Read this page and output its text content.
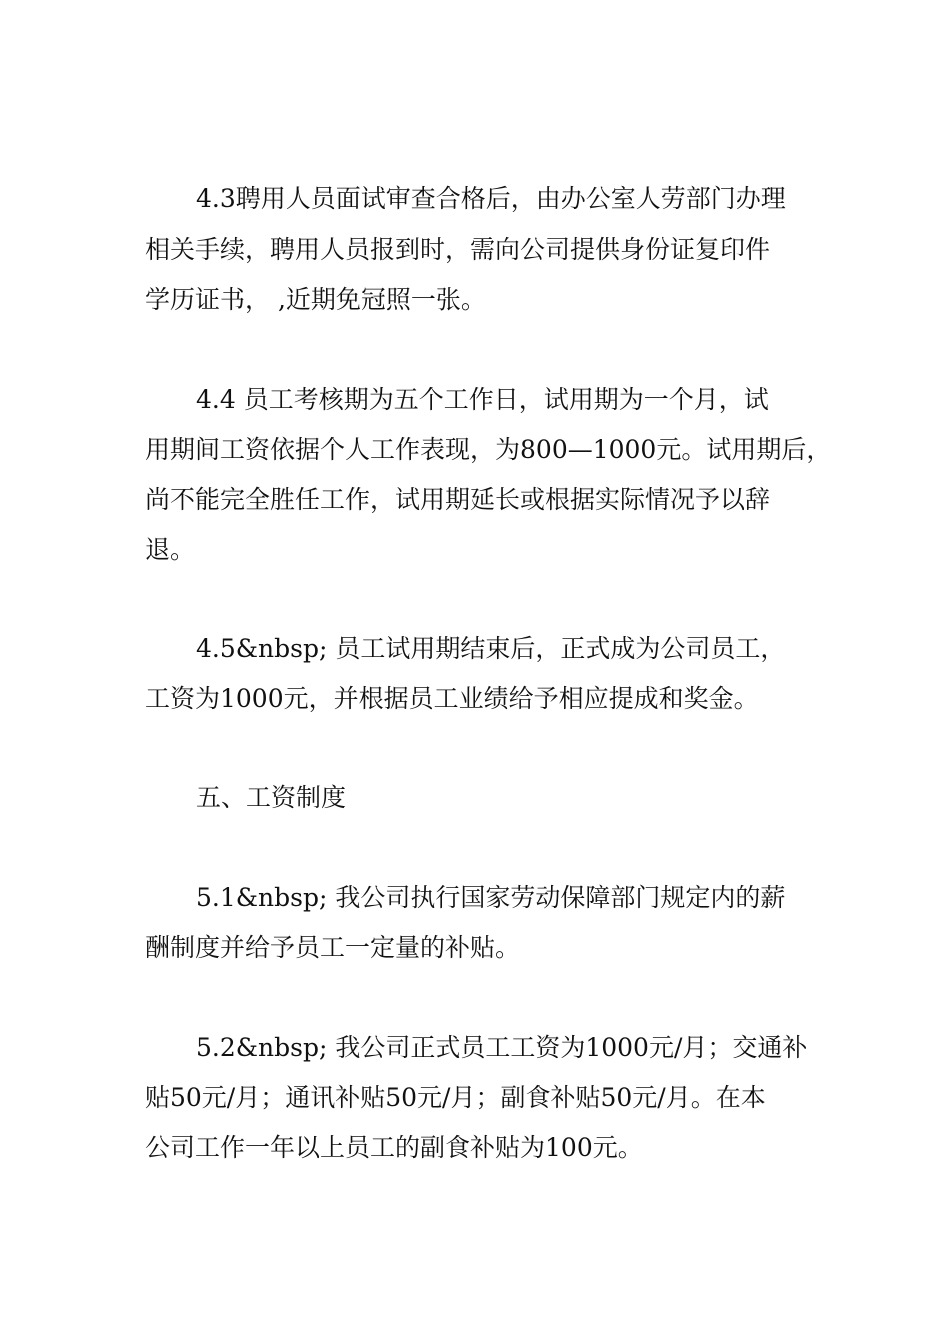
4.3聘用人员面试审查合格后，由办公室人劳部门办理

相关手续，聘用人员报到时，需向公司提供身份证复印件

学历证书， ,近期免冠照一张。

4.4 员工考核期为五个工作日，试用期为一个月，试

用期间工资依据个人工作表现，为800—1000元。试用期后，

尚不能完全胜任工作，试用期延长或根据实际情况予以辞

退。

4.5&nbsp; 员工试用期结束后，正式成为公司员工，

工资为1000元，并根据员工业绩给予相应提成和奖金。

五、工资制度

5.1&nbsp; 我公司执行国家劳动保障部门规定内的薪

酬制度并给予员工一定量的补贴。

5.2&nbsp; 我公司正式员工工资为1000元/月；交通补

贴50元/月；通讯补贴50元/月；副食补贴50元/月。在本

公司工作一年以上员工的副食补贴为100元。
